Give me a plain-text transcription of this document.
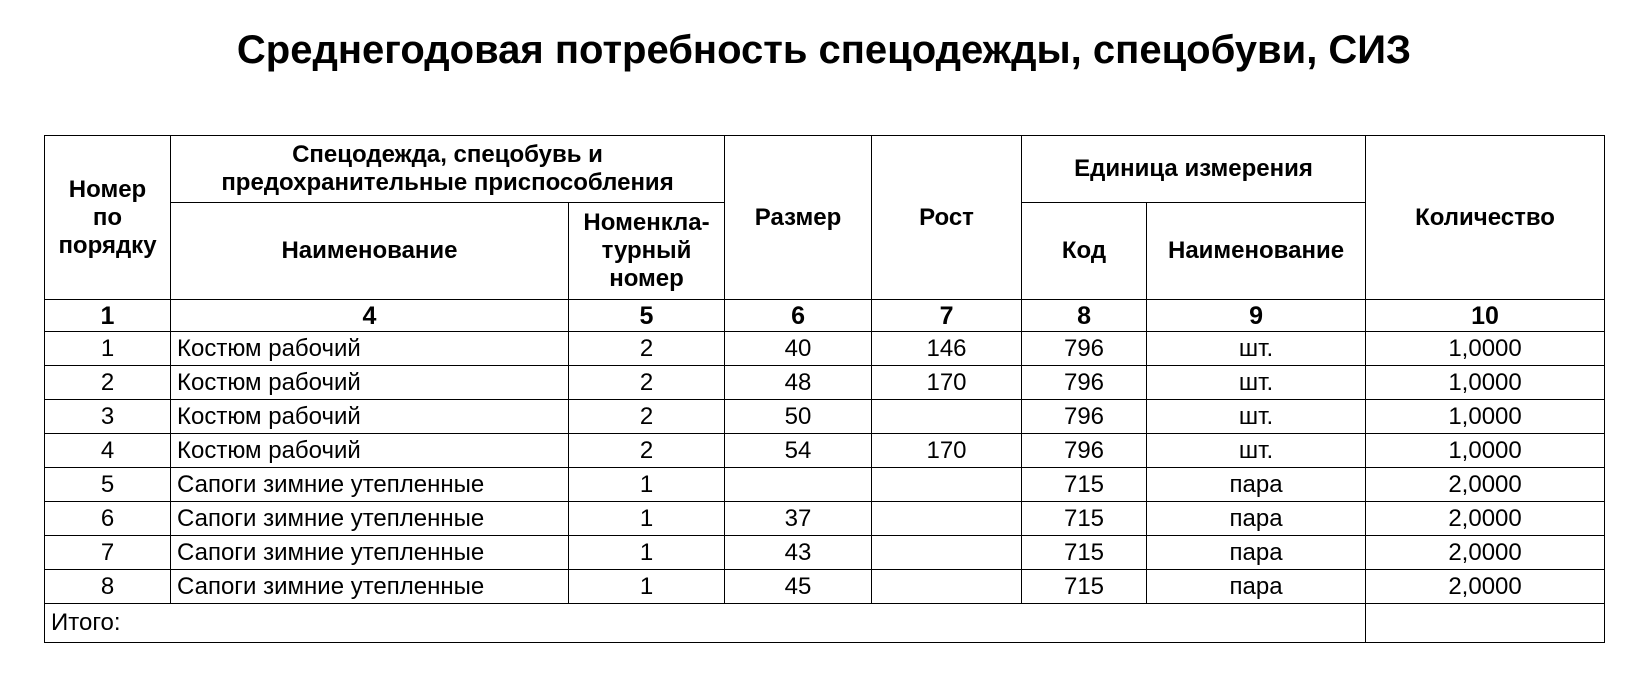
Среднегодовая потребность спецодежды, спецобуви, СИЗ
Номер по порядку	Спецодежда, спецобувь и предохранительные приспособления		Размер	Рост	Единица измерения		Количество
	Наименование	Номенкла-турный номер			Код	Наименование	
1	4	5	6	7	8	9	10
1	Костюм рабочий	2	40	146	796	шт.	1,0000
2	Костюм рабочий	2	48	170	796	шт.	1,0000
3	Костюм рабочий	2	50		796	шт.	1,0000
4	Костюм рабочий	2	54	170	796	шт.	1,0000
5	Сапоги зимние утепленные	1			715	пара	2,0000
6	Сапоги зимние утепленные	1	37		715	пара	2,0000
7	Сапоги зимние утепленные	1	43		715	пара	2,0000
8	Сапоги зимние утепленные	1	45		715	пара	2,0000
Итого:							
